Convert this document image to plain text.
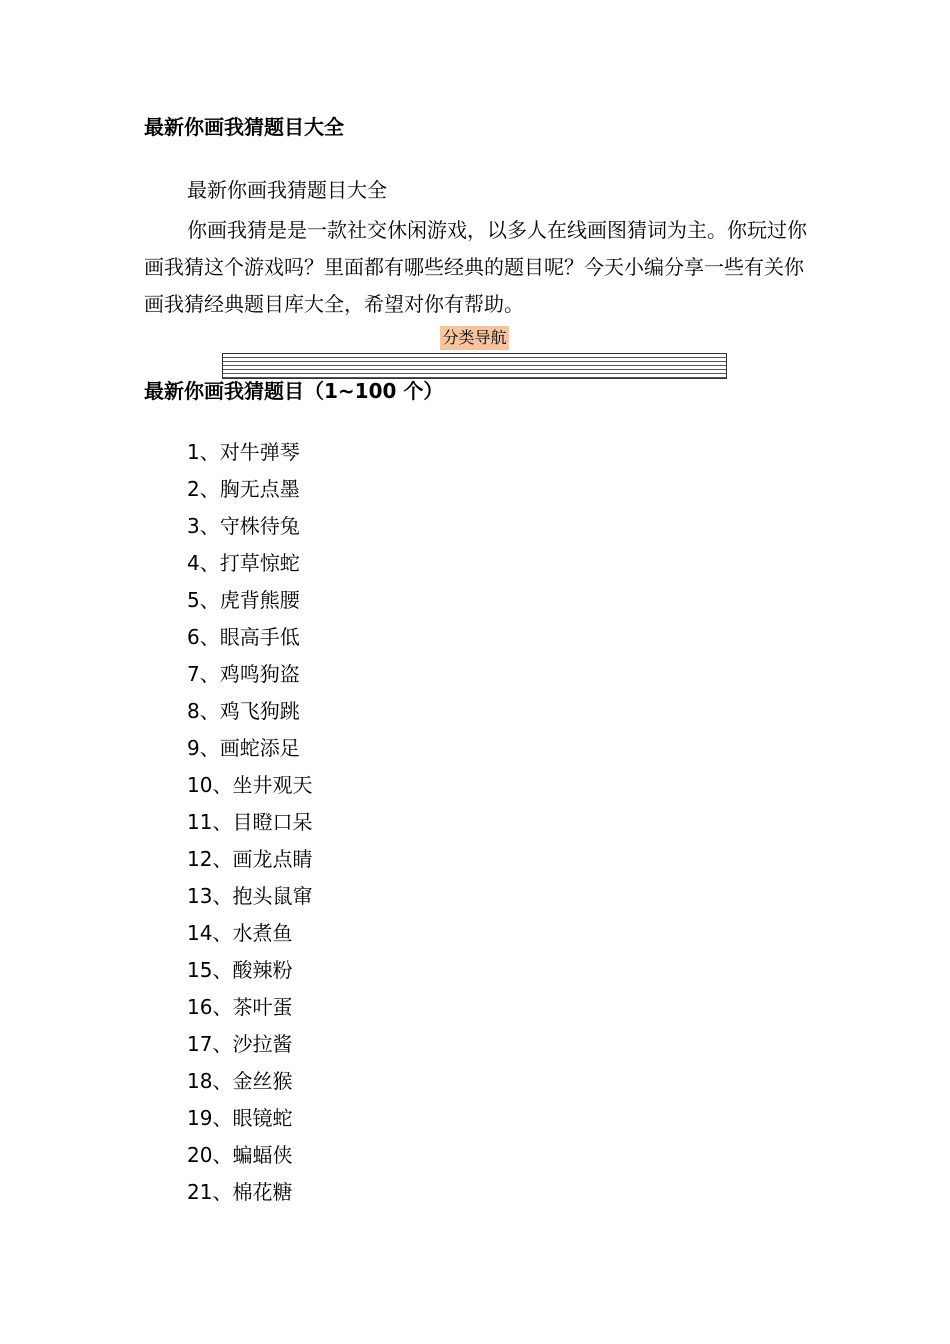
最新你画我猜题目大全
最新你画我猜题目大全

你画我猜是是一款社交休闲游戏，以多人在线画图猜词为主。你玩过你画我猜这个游戏吗？里面都有哪些经典的题目呢？今天小编分享一些有关你画我猜经典题目库大全，希望对你有帮助。

分类导航
最新你画我猜题目（1~100 个）
1、对牛弹琴
2、胸无点墨
3、守株待兔
4、打草惊蛇
5、虎背熊腰
6、眼高手低
7、鸡鸣狗盗
8、鸡飞狗跳
9、画蛇添足
10、坐井观天
11、目瞪口呆
12、画龙点睛
13、抱头鼠窜
14、水煮鱼
15、酸辣粉
16、茶叶蛋
17、沙拉酱
18、金丝猴
19、眼镜蛇
20、蝙蝠侠
21、棉花糖
